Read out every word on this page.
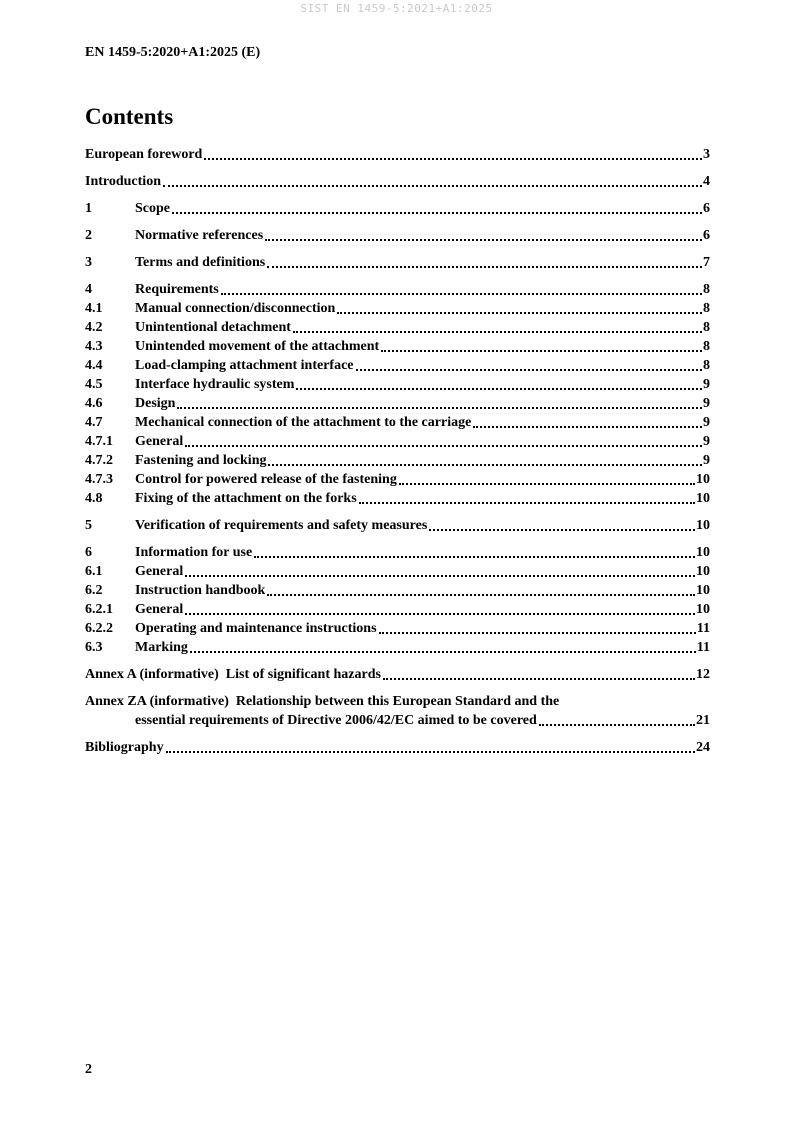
SIST EN 1459-5:2021+A1:2025
EN 1459-5:2020+A1:2025 (E)
Contents
European foreword	3
Introduction	4
1	Scope	6
2	Normative references	6
3	Terms and definitions	7
4	Requirements	8
4.1	Manual connection/disconnection	8
4.2	Unintentional detachment	8
4.3	Unintended movement of the attachment	8
4.4	Load-clamping attachment interface	8
4.5	Interface hydraulic system	9
4.6	Design	9
4.7	Mechanical connection of the attachment to the carriage	9
4.7.1	General	9
4.7.2	Fastening and locking	9
4.7.3	Control for powered release of the fastening	10
4.8	Fixing of the attachment on the forks	10
5	Verification of requirements and safety measures	10
6	Information for use	10
6.1	General	10
6.2	Instruction handbook	10
6.2.1	General	10
6.2.2	Operating and maintenance instructions	11
6.3	Marking	11
Annex A (informative)  List of significant hazards	12
Annex ZA (informative)  Relationship between this European Standard and the
essential requirements of Directive 2006/42/EC aimed to be covered	21
Bibliography	24
2
